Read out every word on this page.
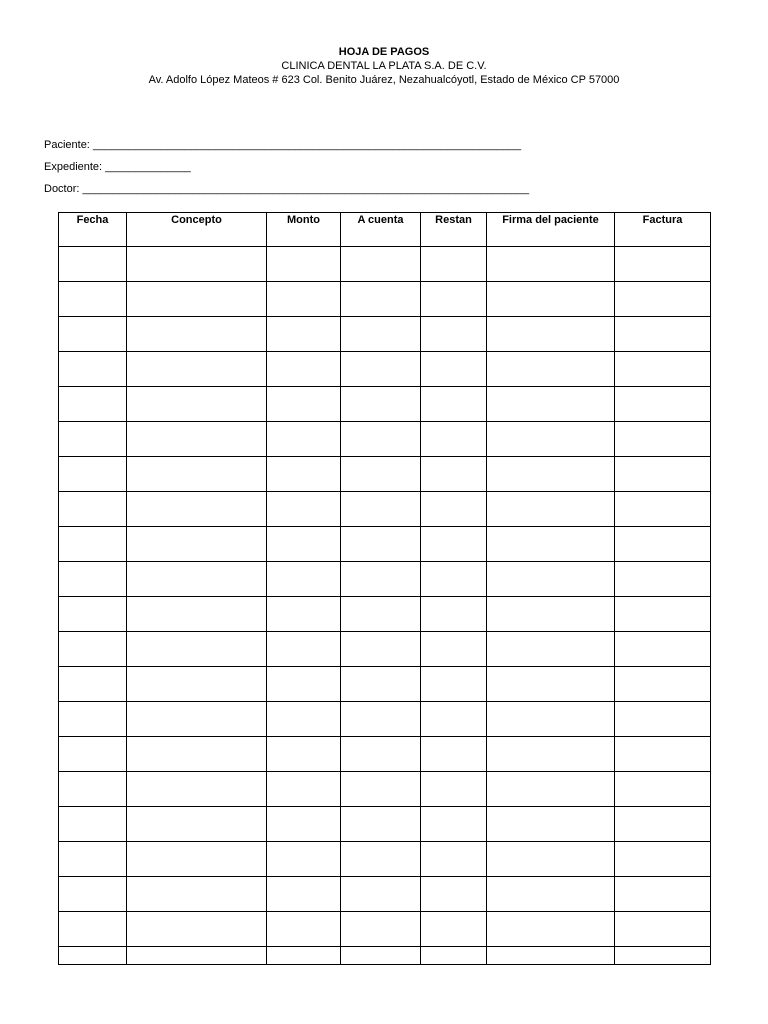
HOJA DE PAGOS
CLINICA DENTAL LA PLATA S.A. DE C.V.
Av. Adolfo López Mateos # 623 Col. Benito Juárez, Nezahualcóyotl, Estado de México CP 57000
Paciente: ______________________________________________________________________
Expediente: ______________
Doctor: _________________________________________________________________________
Fecha	Concepto	Monto	A cuenta	Restan	Firma del paciente	Factura
